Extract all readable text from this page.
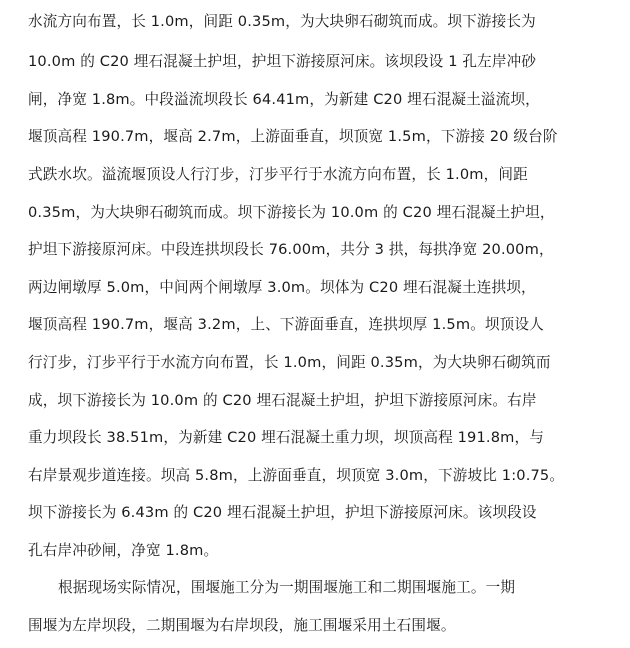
水流方向布置，长 1.0m，间距 0.35m，为大块卵石砌筑而成。坝下游接长为
10.0m 的 C20 埋石混凝土护坦，护坦下游接原河床。该坝段设 1 孔左岸冲砂
闸，净宽 1.8m。中段溢流坝段长 64.41m，为新建 C20 埋石混凝土溢流坝，
堰顶高程 190.7m，堰高 2.7m，上游面垂直，坝顶宽 1.5m，下游接 20 级台阶
式跌水坎。溢流堰顶设人行汀步，汀步平行于水流方向布置，长 1.0m，间距
0.35m，为大块卵石砌筑而成。坝下游接长为 10.0m 的 C20 埋石混凝土护坦，
护坦下游接原河床。中段连拱坝段长 76.00m，共分 3 拱，每拱净宽 20.00m，
两边闸墩厚 5.0m，中间两个闸墩厚 3.0m。坝体为 C20 埋石混凝土连拱坝，
堰顶高程 190.7m，堰高 3.2m，上、下游面垂直，连拱坝厚 1.5m。坝顶设人
行汀步，汀步平行于水流方向布置，长 1.0m，间距 0.35m，为大块卵石砌筑而
成，坝下游接长为 10.0m 的 C20 埋石混凝土护坦，护坦下游接原河床。右岸
重力坝段长 38.51m，为新建 C20 埋石混凝土重力坝，坝顶高程 191.8m，与
右岸景观步道连接。坝高 5.8m，上游面垂直，坝顶宽 3.0m，下游坡比 1:0.75。
坝下游接长为 6.43m 的 C20 埋石混凝土护坦，护坦下游接原河床。该坝段设
孔右岸冲砂闸，净宽 1.8m。
根据现场实际情况，围堰施工分为一期围堰施工和二期围堰施工。一期
围堰为左岸坝段，二期围堰为右岸坝段，施工围堰采用土石围堰。
